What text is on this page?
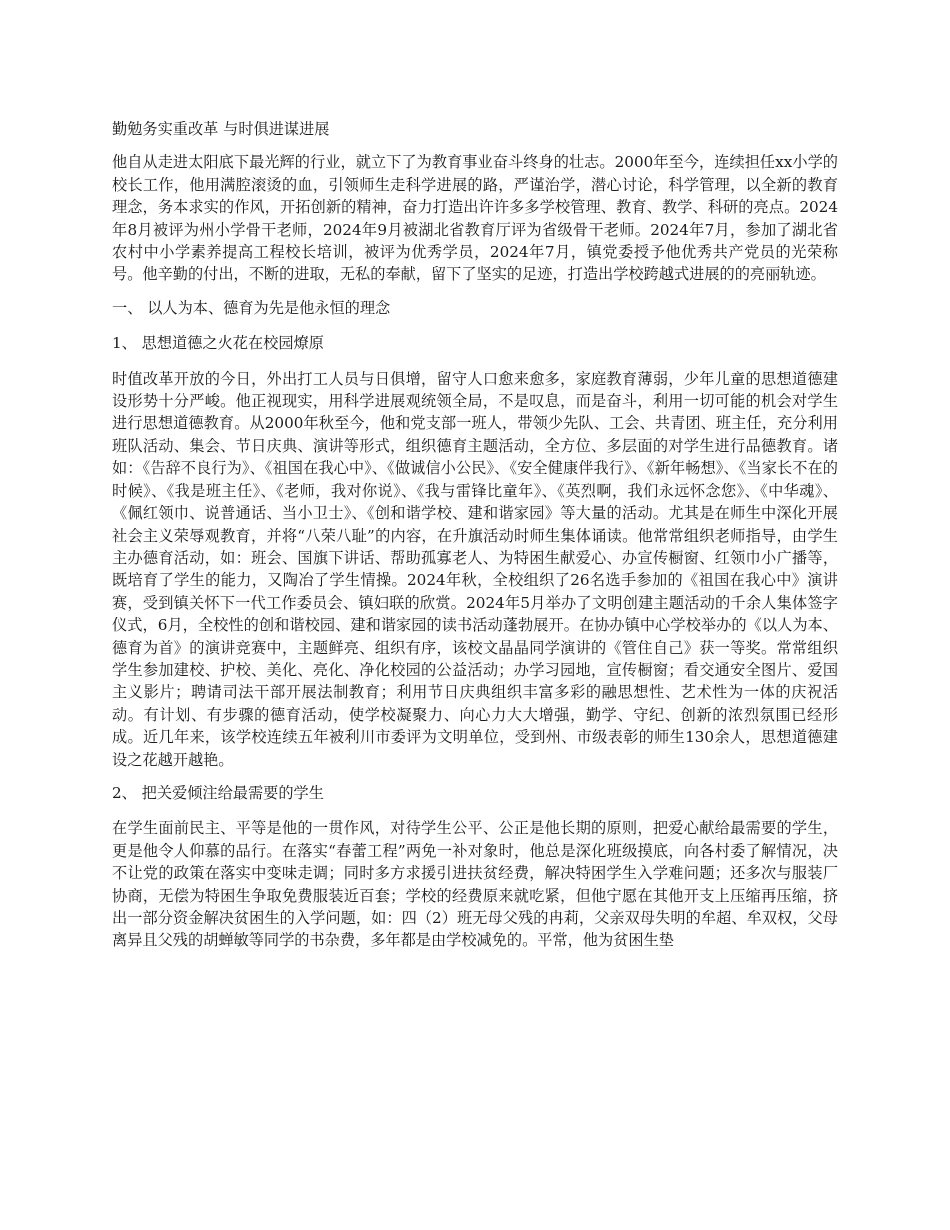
勤勉务实重改革 与时俱进谋进展

他自从走进太阳底下最光辉的行业，就立下了为教育事业奋斗终身的壮志。2000年至今，连续担任xx小学的校长工作，他用满腔滚烫的血，引领师生走科学进展的路，严谨治学，潜心讨论，科学管理，以全新的教育理念，务本求实的作风，开拓创新的精神，奋力打造出许许多多学校管理、教育、教学、科研的亮点。2024年8月被评为州小学骨干老师，2024年9月被湖北省教育厅评为省级骨干老师。2024年7月，参加了湖北省农村中小学素养提高工程校长培训，被评为优秀学员，2024年7月，镇党委授予他优秀共产党员的光荣称号。他辛勤的付出，不断的进取，无私的奉献，留下了坚实的足迹，打造出学校跨越式进展的的亮丽轨迹。

一、 以人为本、德育为先是他永恒的理念

1、 思想道德之火花在校园燎原

时值改革开放的今日，外出打工人员与日俱增，留守人口愈来愈多，家庭教育薄弱，少年儿童的思想道德建设形势十分严峻。他正视现实，用科学进展观统领全局，不是叹息，而是奋斗，利用一切可能的机会对学生进行思想道德教育。从2000年秋至今，他和党支部一班人，带领少先队、工会、共青团、班主任，充分利用班队活动、集会、节日庆典、演讲等形式，组织德育主题活动，全方位、多层面的对学生进行品德教育。诸如：《告辞不良行为》、《祖国在我心中》、《做诚信小公民》、《安全健康伴我行》、《新年畅想》、《当家长不在的时候》、《我是班主任》、《老师，我对你说》、《我与雷锋比童年》、《英烈啊，我们永远怀念您》、《中华魂》、《佩红领巾、说普通话、当小卫士》、《创和谐学校、建和谐家园》等大量的活动。尤其是在师生中深化开展社会主义荣辱观教育，并将“八荣八耻”的内容，在升旗活动时师生集体诵读。他常常组织老师指导，由学生主办德育活动，如：班会、国旗下讲话、帮助孤寡老人、为特困生献爱心、办宣传橱窗、红领巾小广播等，既培育了学生的能力，又陶冶了学生情操。2024年秋，全校组织了26名选手参加的《祖国在我心中》演讲赛，受到镇关怀下一代工作委员会、镇妇联的欣赏。2024年5月举办了文明创建主题活动的千余人集体签字仪式，6月，全校性的创和谐校园、建和谐家园的读书活动蓬勃展开。在协办镇中心学校举办的《以人为本、德育为首》的演讲竞赛中，主题鲜亮、组织有序，该校文晶晶同学演讲的《管住自己》获一等奖。常常组织学生参加建校、护校、美化、亮化、净化校园的公益活动；办学习园地，宣传橱窗；看交通安全图片、爱国主义影片；聘请司法干部开展法制教育；利用节日庆典组织丰富多彩的融思想性、艺术性为一体的庆祝活动。有计划、有步骤的德育活动，使学校凝聚力、向心力大大增强，勤学、守纪、创新的浓烈氛围已经形成。近几年来，该学校连续五年被利川市委评为文明单位，受到州、市级表彰的师生130余人，思想道德建设之花越开越艳。

2、 把关爱倾注给最需要的学生

在学生面前民主、平等是他的一贯作风，对待学生公平、公正是他长期的原则，把爱心献给最需要的学生，更是他令人仰慕的品行。在落实“春蕾工程”两免一补对象时，他总是深化班级摸底，向各村委了解情况，决不让党的政策在落实中变味走调；同时多方求援引进扶贫经费，解决特困学生入学难问题；还多次与服装厂协商，无偿为特困生争取免费服装近百套；学校的经费原来就吃紧，但他宁愿在其他开支上压缩再压缩，挤出一部分资金解决贫困生的入学问题，如：四（2）班无母父残的冉莉，父亲双母失明的牟超、牟双权，父母离异且父残的胡蝉敏等同学的书杂费，多年都是由学校减免的。平常，他为贫困生垫
